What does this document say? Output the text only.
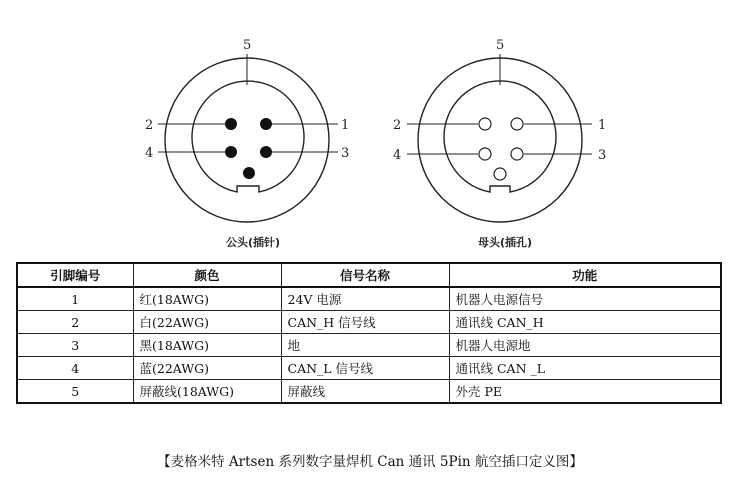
5
2
4
1
3
公头(插针)
5
2
4
1
3
母头(插孔)
引脚编号	颜色	信号名称	功能
1	红(18AWG)	24V 电源	机器人电源信号
2	白(22AWG)	CAN_H 信号线	通讯线 CAN_H
3	黑(18AWG)	地	机器人电源地
4	蓝(22AWG)	CAN_L 信号线	通讯线 CAN _L
5	屏蔽线(18AWG)	屏蔽线	外壳 PE
【麦格米特 Artsen 系列数字量焊机 Can 通讯 5Pin 航空插口定义图】
